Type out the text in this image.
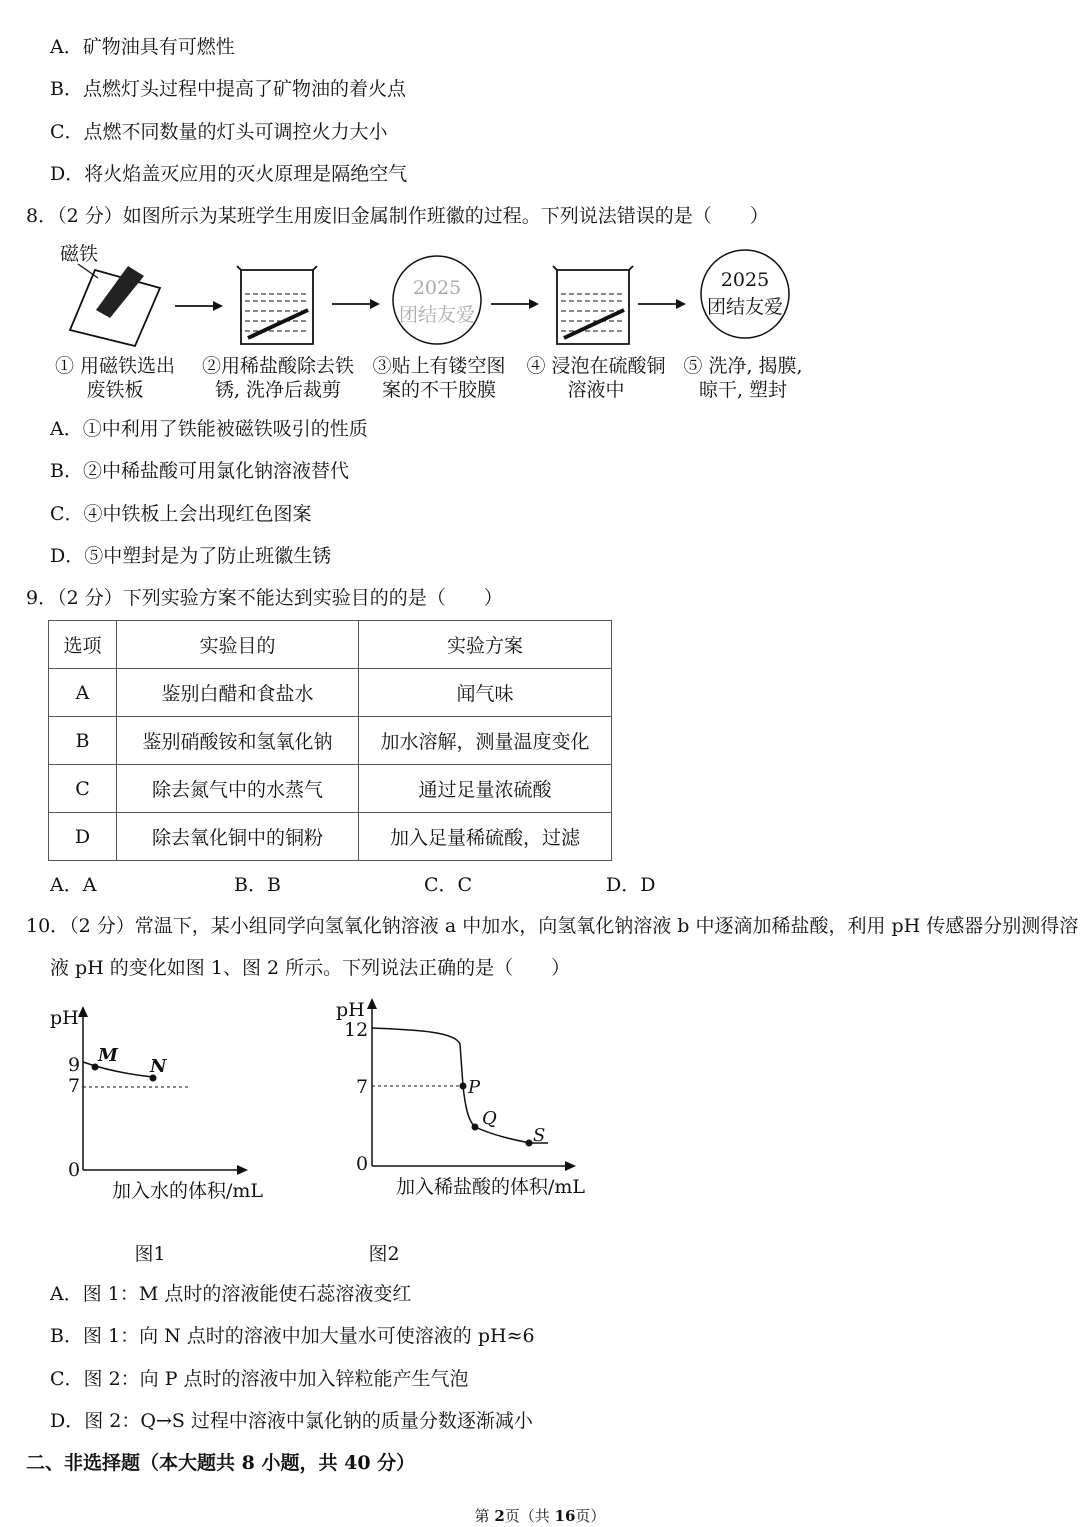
A．矿物油具有可燃性
B．点燃灯头过程中提高了矿物油的着火点
C．点燃不同数量的灯头可调控火力大小
D．将火焰盖灭应用的灭火原理是隔绝空气
8．（2 分）如图所示为某班学生用废旧金属制作班徽的过程。下列说法错误的是（　　）
磁铁
2025
团结友爱
2025
团结友爱
① 用磁铁选出
废铁板
②用稀盐酸除去铁
锈, 洗净后裁剪
③贴上有镂空图
案的不干胶膜
④ 浸泡在硫酸铜
溶液中
⑤ 洗净, 揭膜,
晾干, 塑封
A．①中利用了铁能被磁铁吸引的性质
B．②中稀盐酸可用氯化钠溶液替代
C．④中铁板上会出现红色图案
D．⑤中塑封是为了防止班徽生锈
9．（2 分）下列实验方案不能达到实验目的的是（　　）
选项	实验目的	实验方案
A	鉴别白醋和食盐水	闻气味
B	鉴别硝酸铵和氢氧化钠	加水溶解，测量温度变化
C	除去氮气中的水蒸气	通过足量浓硫酸
D	除去氧化铜中的铜粉	加入足量稀硫酸，过滤
A．A	B．B	C．C	D．D
10．（2 分）常温下，某小组同学向氢氧化钠溶液 a 中加水，向氢氧化钠溶液 b 中逐滴加稀盐酸，利用 pH 传感器分别测得溶
液 pH 的变化如图 1、图 2 所示。下列说法正确的是（　　）
pH
9
7
0
M
N
加入水的体积/mL
图1
pH
12
7
0
P
Q
S
加入稀盐酸的体积/mL
图2
A．图 1：M 点时的溶液能使石蕊溶液变红
B．图 1：向 N 点时的溶液中加大量水可使溶液的 pH≈6
C．图 2：向 P 点时的溶液中加入锌粒能产生气泡
D．图 2：Q→S 过程中溶液中氯化钠的质量分数逐渐减小
二、非选择题（本大题共 8 小题，共 40 分）
第 2页（共 16页）
